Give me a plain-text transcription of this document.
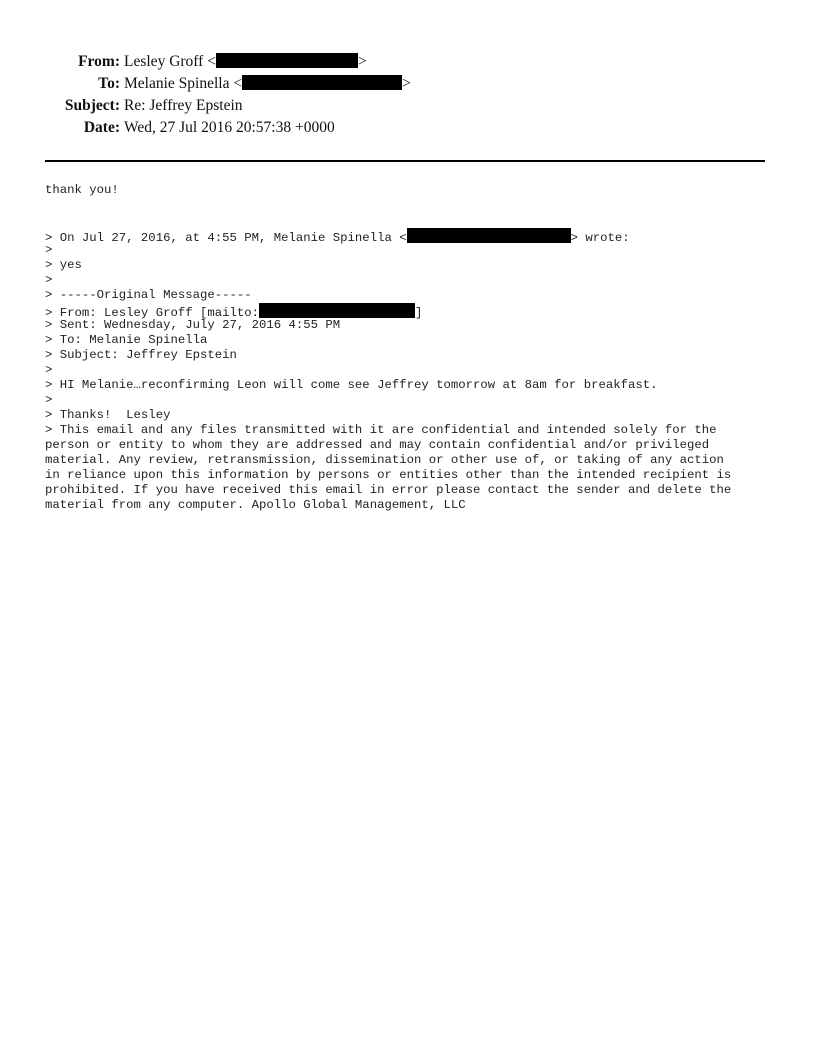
From: Lesley Groff <	>
To: Melanie Spinella <	>
Subject: Re: Jeffrey Epstein
Date: Wed, 27 Jul 2016 20:57:38 +0000
thank you!
> On Jul 27, 2016, at 4:55 PM, Melanie Spinella <	> wrote:
>
> yes
>
> -----Original Message-----
> From: Lesley Groff [mailto:	]
> Sent: Wednesday, July 27, 2016 4:55 PM
> To: Melanie Spinella
> Subject: Jeffrey Epstein
>
> HI Melanie…reconfirming Leon will come see Jeffrey tomorrow at 8am for breakfast.
>
> Thanks!  Lesley
> This email and any files transmitted with it are confidential and intended solely for the
person or entity to whom they are addressed and may contain confidential and/or privileged
material. Any review, retransmission, dissemination or other use of, or taking of any action
in reliance upon this information by persons or entities other than the intended recipient is
prohibited. If you have received this email in error please contact the sender and delete the
material from any computer. Apollo Global Management, LLC
